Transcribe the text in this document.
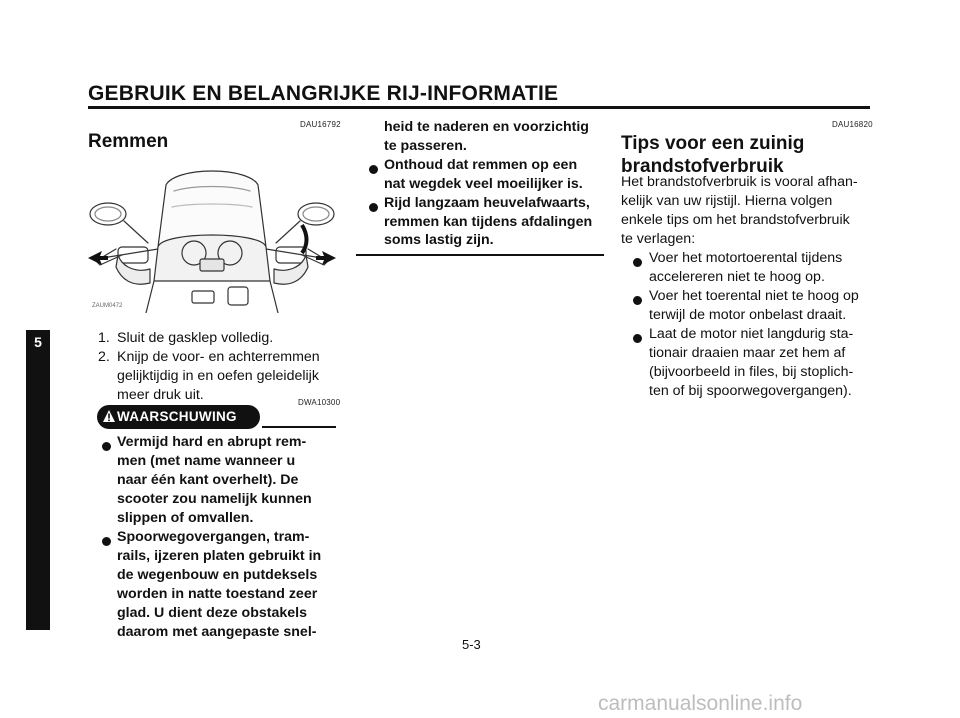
GEBRUIK EN BELANGRIJKE RIJ-INFORMATIE
5
DAU16792
Remmen
ZAUM0472
1. Sluit de gasklep volledig.
2. Knijp de voor- en achterremmen
gelijktijdig in en oefen geleidelijk
meer druk uit.	DWA10300
WAARSCHUWING
Vermijd hard en abrupt rem-
men (met name wanneer u
naar één kant overhelt). De
scooter zou namelijk kunnen
slippen of omvallen.
Spoorwegovergangen, tram-
rails, ijzeren platen gebruikt in
de wegenbouw en putdeksels
worden in natte toestand zeer
glad. U dient deze obstakels
daarom met aangepaste snel-
heid te naderen en voorzichtig
te passeren.
Onthoud dat remmen op een
nat wegdek veel moeilijker is.
Rijd langzaam heuvelafwaarts,
remmen kan tijdens afdalingen
soms lastig zijn.
DAU16820
Tips voor een zuinig
brandstofverbruik
Het brandstofverbruik is vooral afhan-
kelijk van uw rijstijl. Hierna volgen
enkele tips om het brandstofverbruik
te verlagen:
Voer het motortoerental tijdens
accelereren niet te hoog op.
Voer het toerental niet te hoog op
terwijl de motor onbelast draait.
Laat de motor niet langdurig sta-
tionair draaien maar zet hem af
(bijvoorbeeld in files, bij stoplich-
ten of bij spoorwegovergangen).
5-3
carmanualsonline.info
